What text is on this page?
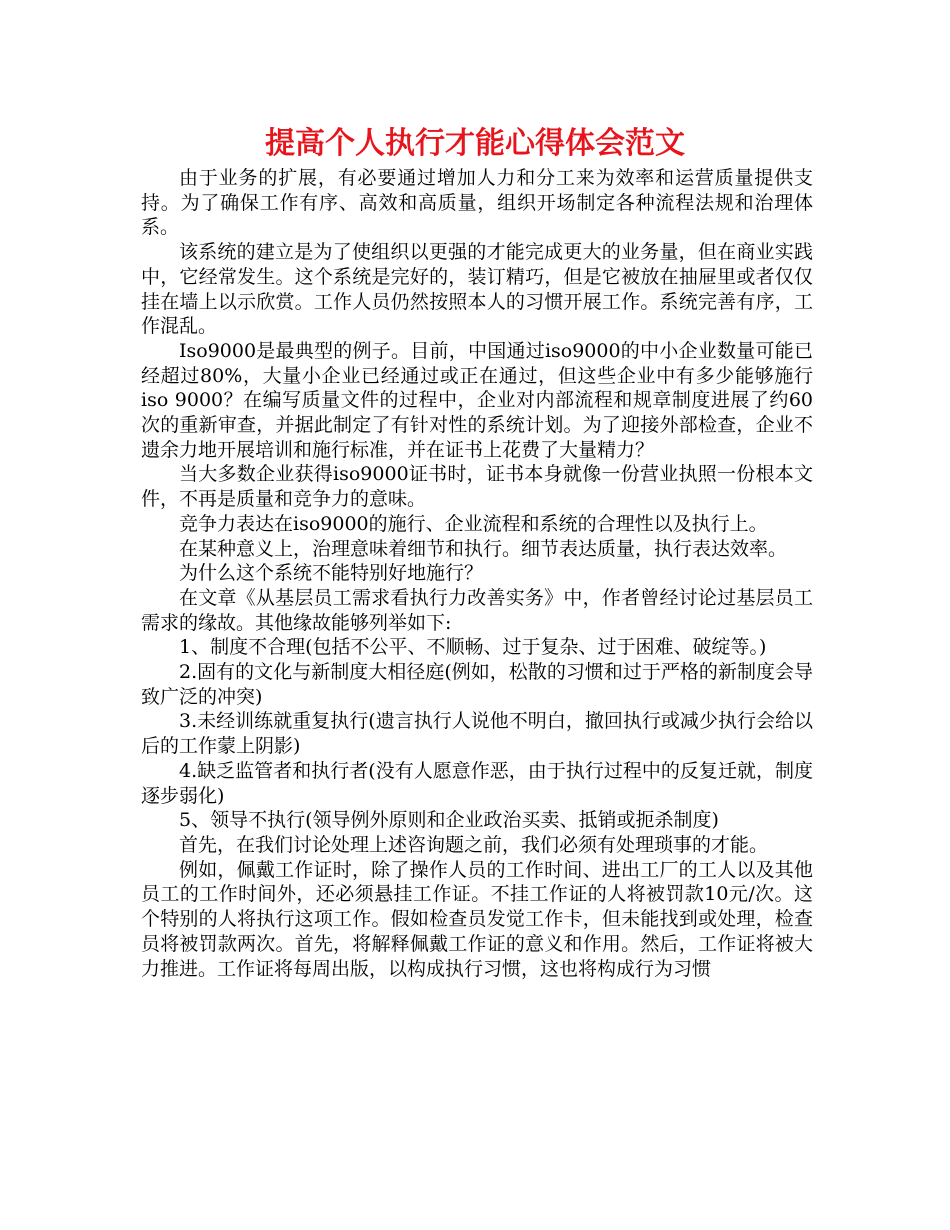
提高个人执行才能心得体会范文

由于业务的扩展，有必要通过增加人力和分工来为效率和运营质量提供支持。为了确保工作有序、高效和高质量，组织开场制定各种流程法规和治理体系。

该系统的建立是为了使组织以更强的才能完成更大的业务量，但在商业实践中，它经常发生。这个系统是完好的，装订精巧，但是它被放在抽屉里或者仅仅挂在墙上以示欣赏。工作人员仍然按照本人的习惯开展工作。系统完善有序，工作混乱。

Iso9000是最典型的例子。目前，中国通过iso9000的中小企业数量可能已经超过80%，大量小企业已经通过或正在通过，但这些企业中有多少能够施行iso 9000？在编写质量文件的过程中，企业对内部流程和规章制度进展了约60次的重新审查，并据此制定了有针对性的系统计划。为了迎接外部检查，企业不遗余力地开展培训和施行标准，并在证书上花费了大量精力？

当大多数企业获得iso9000证书时，证书本身就像一份营业执照一份根本文件，不再是质量和竞争力的意味。

竞争力表达在iso9000的施行、企业流程和系统的合理性以及执行上。

在某种意义上，治理意味着细节和执行。细节表达质量，执行表达效率。

为什么这个系统不能特别好地施行？

在文章《从基层员工需求看执行力改善实务》中，作者曾经讨论过基层员工需求的缘故。其他缘故能够列举如下:

1、制度不合理(包括不公平、不顺畅、过于复杂、过于困难、破绽等。)

2.固有的文化与新制度大相径庭(例如，松散的习惯和过于严格的新制度会导致广泛的冲突)

3.未经训练就重复执行(遗言执行人说他不明白，撤回执行或减少执行会给以后的工作蒙上阴影)

4.缺乏监管者和执行者(没有人愿意作恶，由于执行过程中的反复迁就，制度逐步弱化)

5、领导不执行(领导例外原则和企业政治买卖、抵销或扼杀制度)

首先，在我们讨论处理上述咨询题之前，我们必须有处理琐事的才能。

例如，佩戴工作证时，除了操作人员的工作时间、进出工厂的工人以及其他员工的工作时间外，还必须悬挂工作证。不挂工作证的人将被罚款10元/次。这个特别的人将执行这项工作。假如检查员发觉工作卡，但未能找到或处理，检查员将被罚款两次。首先，将解释佩戴工作证的意义和作用。然后，工作证将被大力推进。工作证将每周出版，以构成执行习惯，这也将构成行为习惯
